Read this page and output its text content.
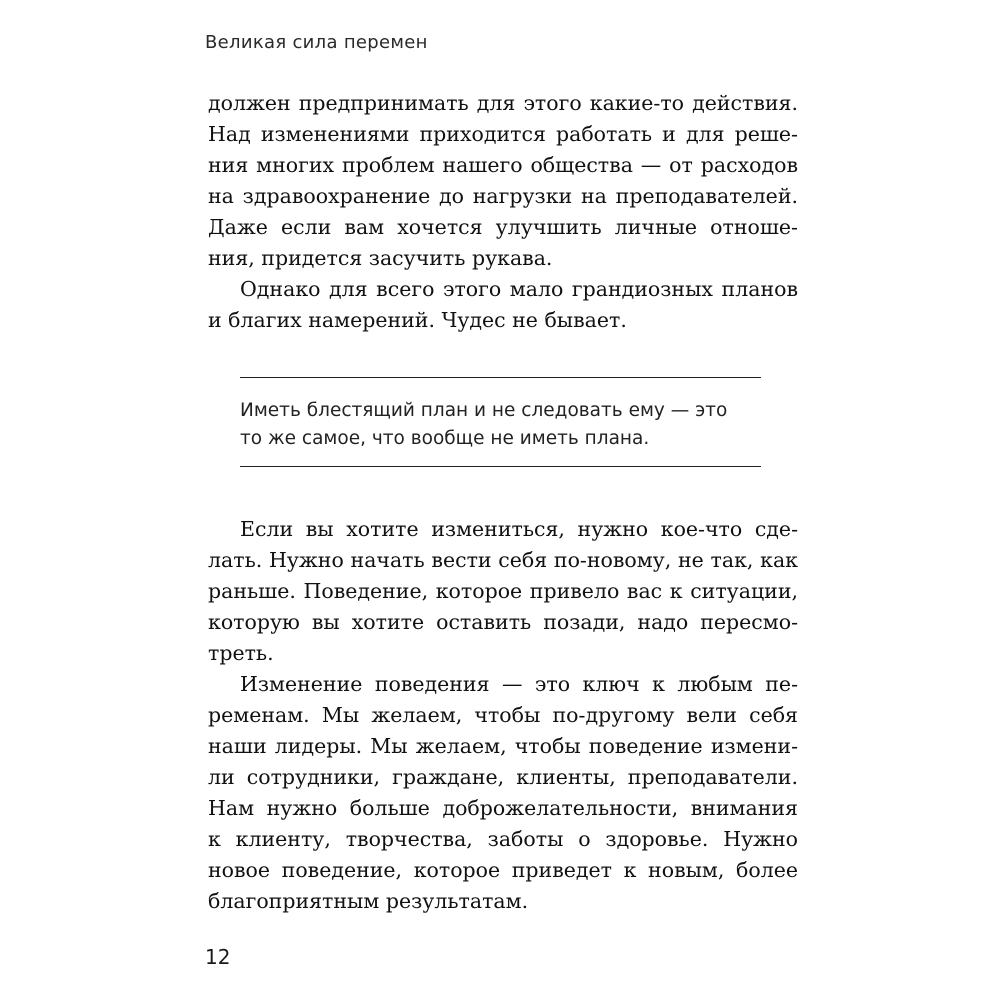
Великая сила перемен
должен предпринимать для этого какие-то действия.
Над изменениями приходится работать и для реше-
ния многих проблем нашего общества — от расходов
на здравоохранение до нагрузки на преподавателей.
Даже если вам хочется улучшить личные отноше-
ния, придется засучить рукава.
Однако для всего этого мало грандиозных планов
и благих намерений. Чудес не бывает.
Иметь блестящий план и не следовать ему — это
то же самое, что вообще не иметь плана.
Если вы хотите измениться, нужно кое-что сде-
лать. Нужно начать вести себя по-новому, не так, как
раньше. Поведение, которое привело вас к ситуации,
которую вы хотите оставить позади, надо пересмо-
треть.
Изменение поведения — это ключ к любым пе-
ременам. Мы желаем, чтобы по-другому вели себя
наши лидеры. Мы желаем, чтобы поведение измени-
ли сотрудники, граждане, клиенты, преподаватели.
Нам нужно больше доброжелательности, внимания
к клиенту, творчества, заботы о здоровье. Нужно
новое поведение, которое приведет к новым, более
благоприятным результатам.
12
